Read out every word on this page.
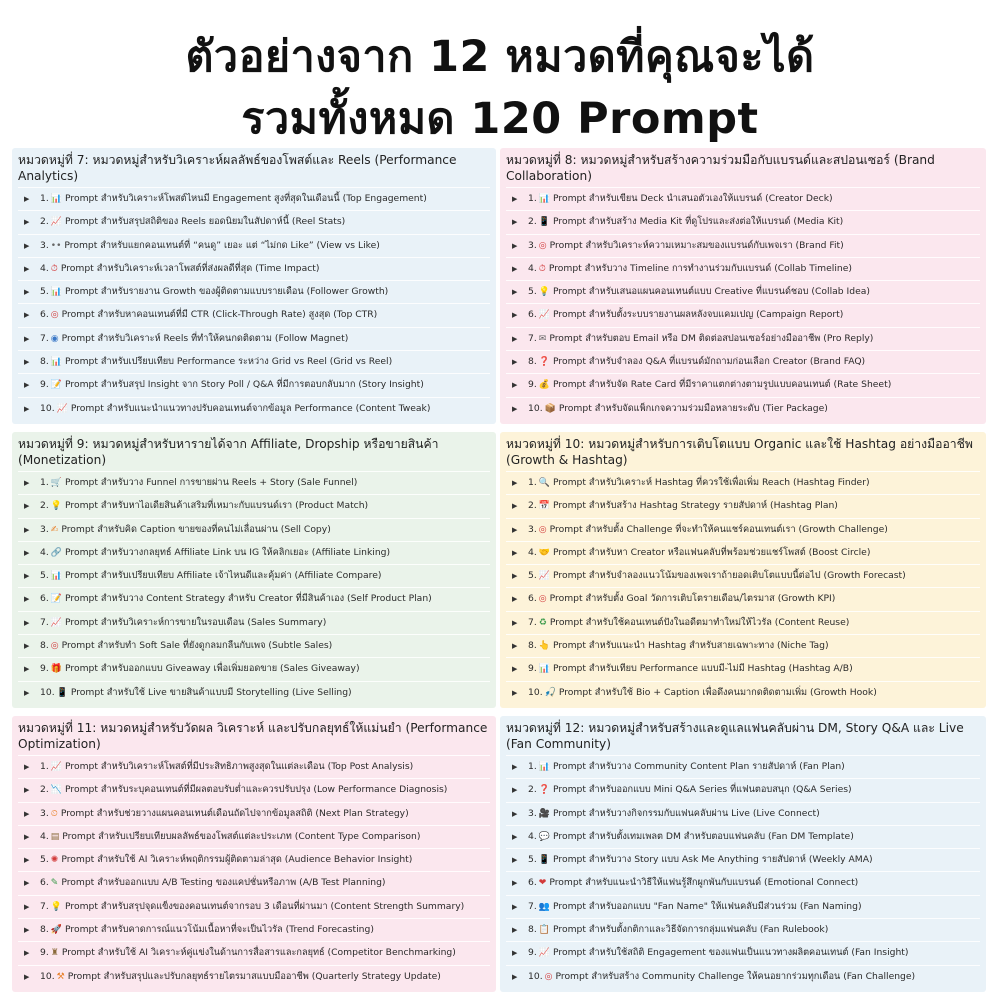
ตัวอย่างจาก 12 หมวดที่คุณจะได้
รวมทั้งหมด 120 Prompt
หมวดหมู่ที่ 7: หมวดหมู่สำหรับวิเคราะห์ผลลัพธ์ของโพสต์และ Reels (Performance Analytics)
▶ 1. 📊 Prompt สำหรับวิเคราะห์โพสต์ไหนมี Engagement สูงที่สุดในเดือนนี้ (Top Engagement)
▶ 2. 📈 Prompt สำหรับสรุปสถิติของ Reels ยอดนิยมในสัปดาห์นี้ (Reel Stats)
▶ 3. •• Prompt สำหรับแยกคอนเทนต์ที่ “คนดู” เยอะ แต่ “ไม่กด Like” (View vs Like)
▶ 4. ⏱ Prompt สำหรับวิเคราะห์เวลาโพสต์ที่ส่งผลดีที่สุด (Time Impact)
▶ 5. 📊 Prompt สำหรับรายงาน Growth ของผู้ติดตามแบบรายเดือน (Follower Growth)
▶ 6. ◎ Prompt สำหรับหาคอนเทนต์ที่มี CTR (Click-Through Rate) สูงสุด (Top CTR)
▶ 7. ◉ Prompt สำหรับวิเคราะห์ Reels ที่ทำให้คนกดติดตาม (Follow Magnet)
▶ 8. 📊 Prompt สำหรับเปรียบเทียบ Performance ระหว่าง Grid vs Reel (Grid vs Reel)
▶ 9. 📝 Prompt สำหรับสรุป Insight จาก Story Poll / Q&A ที่มีการตอบกลับมาก (Story Insight)
▶ 10. 📈 Prompt สำหรับแนะนำแนวทางปรับคอนเทนต์จากข้อมูล Performance (Content Tweak)
หมวดหมู่ที่ 9: หมวดหมู่สำหรับหารายได้จาก Affiliate, Dropship หรือขายสินค้า (Monetization)
▶ 1. 🛒 Prompt สำหรับวาง Funnel การขายผ่าน Reels + Story (Sale Funnel)
▶ 2. 💡 Prompt สำหรับหาไอเดียสินค้าเสริมที่เหมาะกับแบรนด์เรา (Product Match)
▶ 3. ✍ Prompt สำหรับคิด Caption ขายของที่คนไม่เลื่อนผ่าน (Sell Copy)
▶ 4. 🔗 Prompt สำหรับวางกลยุทธ์ Affiliate Link บน IG ให้คลิกเยอะ (Affiliate Linking)
▶ 5. 📊 Prompt สำหรับเปรียบเทียบ Affiliate เจ้าไหนดีและคุ้มค่า (Affiliate Compare)
▶ 6. 📝 Prompt สำหรับวาง Content Strategy สำหรับ Creator ที่มีสินค้าเอง (Self Product Plan)
▶ 7. 📈 Prompt สำหรับวิเคราะห์การขายในรอบเดือน (Sales Summary)
▶ 8. ◎ Prompt สำหรับทำ Soft Sale ที่ยังดูกลมกลืนกับเพจ (Subtle Sales)
▶ 9. 🎁 Prompt สำหรับออกแบบ Giveaway เพื่อเพิ่มยอดขาย (Sales Giveaway)
▶ 10. 📱 Prompt สำหรับใช้ Live ขายสินค้าแบบมี Storytelling (Live Selling)
หมวดหมู่ที่ 11: หมวดหมู่สำหรับวัดผล วิเคราะห์ และปรับกลยุทธ์ให้แม่นยำ (Performance Optimization)
▶ 1. 📈 Prompt สำหรับวิเคราะห์โพสต์ที่มีประสิทธิภาพสูงสุดในแต่ละเดือน (Top Post Analysis)
▶ 2. 📉 Prompt สำหรับระบุคอนเทนต์ที่มีผลตอบรับต่ำและควรปรับปรุง (Low Performance Diagnosis)
▶ 3. ⏲ Prompt สำหรับช่วยวางแผนคอนเทนต์เดือนถัดไปจากข้อมูลสถิติ (Next Plan Strategy)
▶ 4. ▤ Prompt สำหรับเปรียบเทียบผลลัพธ์ของโพสต์แต่ละประเภท (Content Type Comparison)
▶ 5. ✺ Prompt สำหรับใช้ AI วิเคราะห์พฤติกรรมผู้ติดตามล่าสุด (Audience Behavior Insight)
▶ 6. ✎ Prompt สำหรับออกแบบ A/B Testing ของแคปชั่นหรือภาพ (A/B Test Planning)
▶ 7. 💡 Prompt สำหรับสรุปจุดแข็งของคอนเทนต์จากรอบ 3 เดือนที่ผ่านมา (Content Strength Summary)
▶ 8. 🚀 Prompt สำหรับคาดการณ์แนวโน้มเนื้อหาที่จะเป็นไวรัล (Trend Forecasting)
▶ 9. ♜ Prompt สำหรับใช้ AI วิเคราะห์คู่แข่งในด้านการสื่อสารและกลยุทธ์ (Competitor Benchmarking)
▶ 10. ⚒ Prompt สำหรับสรุปและปรับกลยุทธ์รายไตรมาสแบบมืออาชีพ (Quarterly Strategy Update)
หมวดหมู่ที่ 8: หมวดหมู่สำหรับสร้างความร่วมมือกับแบรนด์และสปอนเซอร์ (Brand Collaboration)
▶ 1. 📊 Prompt สำหรับเขียน Deck นำเสนอตัวเองให้แบรนด์ (Creator Deck)
▶ 2. 📱 Prompt สำหรับสร้าง Media Kit ที่ดูโปรและส่งต่อให้แบรนด์ (Media Kit)
▶ 3. ◎ Prompt สำหรับวิเคราะห์ความเหมาะสมของแบรนด์กับเพจเรา (Brand Fit)
▶ 4. ⏱ Prompt สำหรับวาง Timeline การทำงานร่วมกับแบรนด์ (Collab Timeline)
▶ 5. 💡 Prompt สำหรับเสนอแผนคอนเทนต์แบบ Creative ที่แบรนด์ชอบ (Collab Idea)
▶ 6. 📈 Prompt สำหรับตั้งระบบรายงานผลหลังจบแคมเปญ (Campaign Report)
▶ 7. ✉ Prompt สำหรับตอบ Email หรือ DM ติดต่อสปอนเซอร์อย่างมืออาชีพ (Pro Reply)
▶ 8. ❓ Prompt สำหรับจำลอง Q&A ที่แบรนด์มักถามก่อนเลือก Creator (Brand FAQ)
▶ 9. 💰 Prompt สำหรับจัด Rate Card ที่มีราคาแตกต่างตามรูปแบบคอนเทนต์ (Rate Sheet)
▶ 10. 📦 Prompt สำหรับจัดแพ็กเกจความร่วมมือหลายระดับ (Tier Package)
หมวดหมู่ที่ 10: หมวดหมู่สำหรับการเติบโตแบบ Organic และใช้ Hashtag อย่างมืออาชีพ (Growth & Hashtag)
▶ 1. 🔍 Prompt สำหรับวิเคราะห์ Hashtag ที่ควรใช้เพื่อเพิ่ม Reach (Hashtag Finder)
▶ 2. 📅 Prompt สำหรับสร้าง Hashtag Strategy รายสัปดาห์ (Hashtag Plan)
▶ 3. ◎ Prompt สำหรับตั้ง Challenge ที่จะทำให้คนแชร์คอนเทนต์เรา (Growth Challenge)
▶ 4. 🤝 Prompt สำหรับหา Creator หรือแฟนคลับที่พร้อมช่วยแชร์โพสต์ (Boost Circle)
▶ 5. 📈 Prompt สำหรับจำลองแนวโน้มของเพจเราถ้ายอดเติบโตแบบนี้ต่อไป (Growth Forecast)
▶ 6. ◎ Prompt สำหรับตั้ง Goal วัดการเติบโตรายเดือน/ไตรมาส (Growth KPI)
▶ 7. ♻ Prompt สำหรับใช้คอนเทนต์ปังในอดีตมาทำใหม่ให้ไวรัล (Content Reuse)
▶ 8. 👆 Prompt สำหรับแนะนำ Hashtag สำหรับสายเฉพาะทาง (Niche Tag)
▶ 9. 📊 Prompt สำหรับเทียบ Performance แบบมี-ไม่มี Hashtag (Hashtag A/B)
▶ 10. 🎣 Prompt สำหรับใช้ Bio + Caption เพื่อดึงคนมากดติดตามเพิ่ม (Growth Hook)
หมวดหมู่ที่ 12: หมวดหมู่สำหรับสร้างและดูแลแฟนคลับผ่าน DM, Story Q&A และ Live (Fan Community)
▶ 1. 📊 Prompt สำหรับวาง Community Content Plan รายสัปดาห์ (Fan Plan)
▶ 2. ❓ Prompt สำหรับออกแบบ Mini Q&A Series ที่แฟนตอบสนุก (Q&A Series)
▶ 3. 🎥 Prompt สำหรับวางกิจกรรมกับแฟนคลับผ่าน Live (Live Connect)
▶ 4. 💬 Prompt สำหรับตั้งเทมเพลต DM สำหรับตอบแฟนคลับ (Fan DM Template)
▶ 5. 📱 Prompt สำหรับวาง Story แบบ Ask Me Anything รายสัปดาห์ (Weekly AMA)
▶ 6. ❤ Prompt สำหรับแนะนำวิธีให้แฟนรู้สึกผูกพันกับแบรนด์ (Emotional Connect)
▶ 7. 👥 Prompt สำหรับออกแบบ "Fan Name" ให้แฟนคลับมีส่วนร่วม (Fan Naming)
▶ 8. 📋 Prompt สำหรับตั้งกติกาและวิธีจัดการกลุ่มแฟนคลับ (Fan Rulebook)
▶ 9. 📈 Prompt สำหรับใช้สถิติ Engagement ของแฟนเป็นแนวทางผลิตคอนเทนต์ (Fan Insight)
▶ 10. ◎ Prompt สำหรับสร้าง Community Challenge ให้คนอยากร่วมทุกเดือน (Fan Challenge)
